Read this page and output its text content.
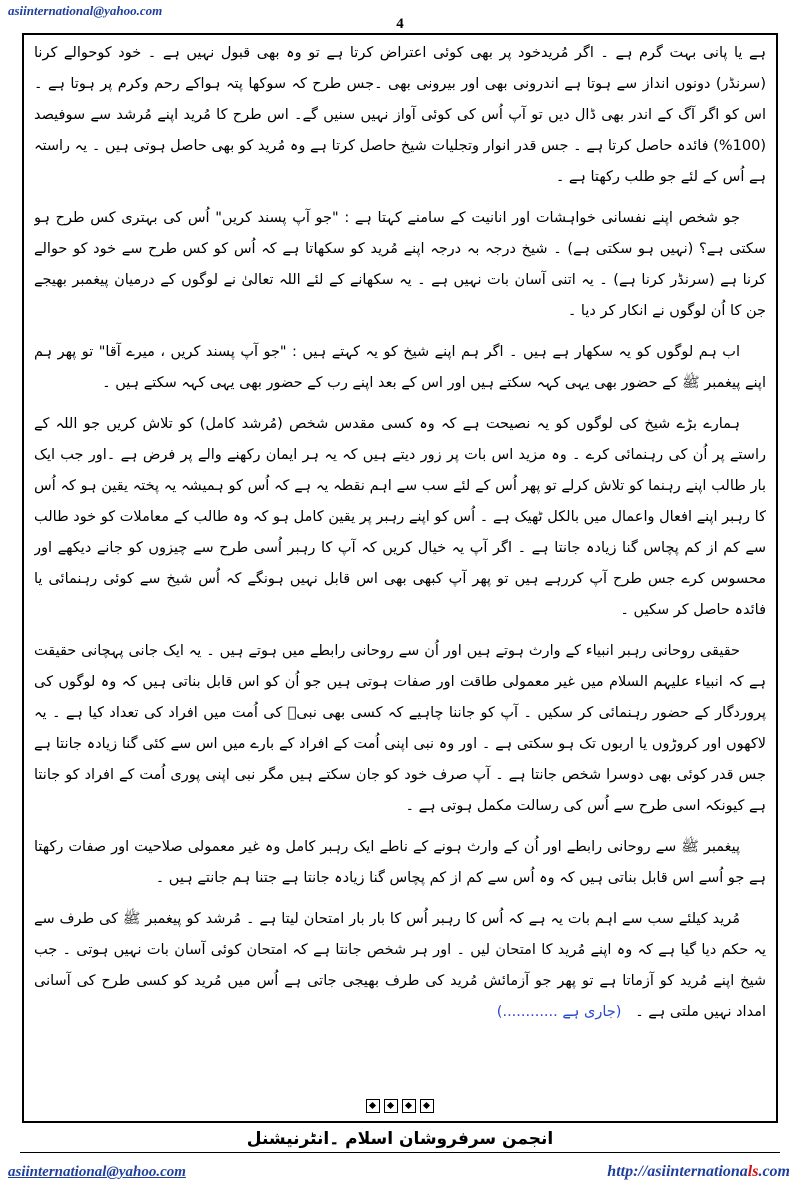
asiinternational@yahoo.com
4

ہے یا پانی بہت گرم ہے ۔ اگر مُریدخود پر بھی کوئی اعتراض کرتا ہے تو وہ بھی قبول نہیں ہے ۔ خود کوحوالے کرنا (سرنڈر) دونوں انداز سے ہوتا ہے اندرونی بھی اور بیرونی بھی ۔جس طرح کہ سوکھا پتہ ہواکے رحم وکرم پر ہوتا ہے ۔اس کو اگر آگ کے اندر بھی ڈال دیں تو آپ اُس کی کوئی آواز نہیں سنیں گے۔ اس طرح کا مُرید اپنے مُرشد سے سوفیصد (100%) فائدہ حاصل کرتا ہے ۔ جس قدر انوار وتجلیات شیخ حاصل کرتا ہے وہ مُرید کو بھی حاصل ہوتی ہیں ۔ یہ راستہ ہے اُس کے لئے جو طلب رکھتا ہے ۔

جو شخص اپنے نفسانی خواہشات اور انانیت کے سامنے کہتا ہے : "جو آپ پسند کریں" اُس کی بہتری کس طرح ہو سکتی ہے؟ (نہیں ہو سکتی ہے) ۔ شیخ درجہ بہ درجہ اپنے مُرید کو سکھاتا ہے کہ اُس کو کس طرح سے خود کو حوالے کرنا ہے (سرنڈر کرنا ہے) ۔ یہ اتنی آسان بات نہیں ہے ۔ یہ سکھانے کے لئے اللہ تعالیٰ نے لوگوں کے درمیان پیغمبر بھیجے جن کا اُن لوگوں نے انکار کر دیا ۔

اب ہم لوگوں کو یہ سکھار ہے ہیں ۔ اگر ہم اپنے شیخ کو یہ کہتے ہیں : "جو آپ پسند کریں ، میرے آقا" تو پھر ہم اپنے پیغمبر ﷺ کے حضور بھی یہی کہہ سکتے ہیں اور اس کے بعد اپنے رب کے حضور بھی یہی کہہ سکتے ہیں ۔

ہمارے بڑے شیخ کی لوگوں کو یہ نصیحت ہے کہ وہ کسی مقدس شخص (مُرشد کامل) کو تلاش کریں جو اللہ کے راستے پر اُن کی رہنمائی کرے ۔ وہ مزید اس بات پر زور دیتے ہیں کہ یہ ہر ایمان رکھنے والے پر فرض ہے ۔اور جب ایک بار طالب اپنے رہنما کو تلاش کرلے تو پھر اُس کے لئے سب سے اہم نقطہ یہ ہے کہ اُس کو ہمیشہ یہ پختہ یقین ہو کہ اُس کا رہبر اپنے افعال واعمال میں بالکل ٹھیک ہے ۔ اُس کو اپنے رہبر پر یقین کامل ہو کہ وہ طالب کے معاملات کو خود طالب سے کم از کم پچاس گنا زیادہ جانتا ہے ۔ اگر آپ یہ خیال کریں کہ آپ کا رہبر اُسی طرح سے چیزوں کو جانے دیکھے اور محسوس کرے جس طرح آپ کررہے ہیں تو پھر آپ کبھی بھی اس قابل نہیں ہونگے کہ اُس شیخ سے کوئی رہنمائی یا فائدہ حاصل کر سکیں ۔

حقیقی روحانی رہبر انبیاء کے وارث ہوتے ہیں اور اُن سے روحانی رابطے میں ہوتے ہیں ۔ یہ ایک جانی پہچانی حقیقت ہے کہ انبیاء علیہم السلام میں غیر معمولی طاقت اور صفات ہوتی ہیں جو اُن کو اس قابل بناتی ہیں کہ وہ لوگوں کی پروردگار کے حضور رہنمائی کر سکیں ۔ آپ کو جاننا چاہیے کہ کسی بھی نبیؑ کی اُمت میں افراد کی تعداد کیا ہے ۔ یہ لاکھوں اور کروڑوں یا اربوں تک ہو سکتی ہے ۔ اور وہ نبی اپنی اُمت کے افراد کے بارے میں اس سے کئی گنا زیادہ جانتا ہے جس قدر کوئی بھی دوسرا شخص جانتا ہے ۔ آپ صرف خود کو جان سکتے ہیں مگر نبی اپنی پوری اُمت کے افراد کو جانتا ہے کیونکہ اسی طرح سے اُس کی رسالت مکمل ہوتی ہے ۔

پیغمبر ﷺ سے روحانی رابطے اور اُن کے وارث ہونے کے ناطے ایک رہبر کامل وہ غیر معمولی صلاحیت اور صفات رکھتا ہے جو اُسے اس قابل بناتی ہیں کہ وہ اُس سے کم از کم پچاس گنا زیادہ جانتا ہے جتنا ہم جانتے ہیں ۔

مُرید کیلئے سب سے اہم بات یہ ہے کہ اُس کا رہبر اُس کا بار بار امتحان لیتا ہے ۔ مُرشد کو پیغمبر ﷺ کی طرف سے یہ حکم دیا گیا ہے کہ وہ اپنے مُرید کا امتحان لیں ۔ اور ہر شخص جانتا ہے کہ امتحان کوئی آسان بات نہیں ہوتی ۔ جب شیخ اپنے مُرید کو آزماتا ہے تو پھر جو آزمائش مُرید کی طرف بھیجی جاتی ہے اُس میں مُرید کو کسی طرح کی آسانی امداد نہیں ملتی ہے ۔   (جاری ہے ............)

انجمن سرفروشان اسلام ۔انٹرنیشنل
asiinternational@yahoo.com	http://asiinternationals.com
